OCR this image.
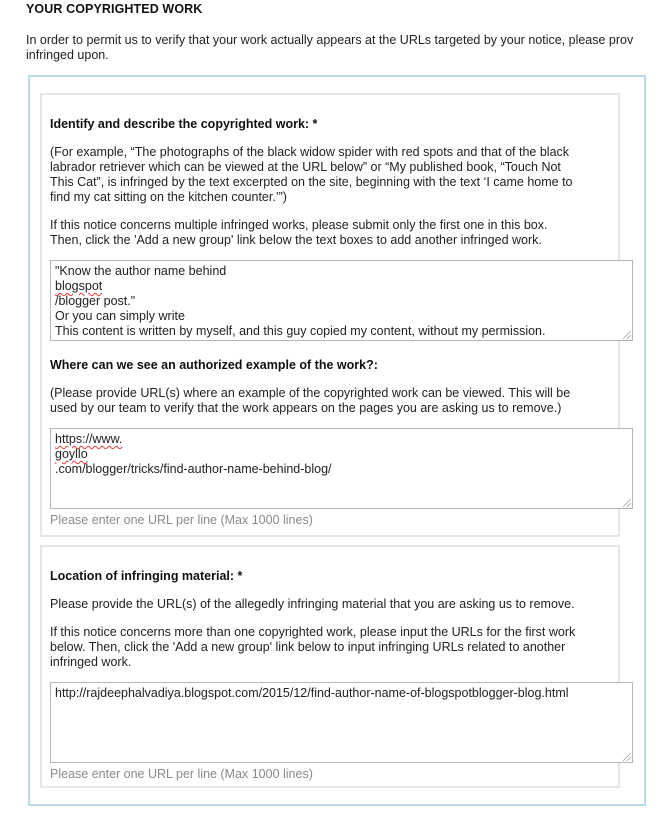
YOUR COPYRIGHTED WORK
In order to permit us to verify that your work actually appears at the URLs targeted by your notice, please prov
infringed upon.
Identify and describe the copyrighted work: *
(For example, “The photographs of the black widow spider with red spots and that of the black
labrador retriever which can be viewed at the URL below” or “My published book, “Touch Not
This Cat”, is infringed by the text excerpted on the site, beginning with the text ‘I came home to
find my cat sitting on the kitchen counter.’”)
If this notice concerns multiple infringed works, please submit only the first one in this box.
Then, click the 'Add a new group' link below the text boxes to add another infringed work.
"Know the author name behind
blogspot
/blogger post."
Or you can simply write
This content is written by myself, and this guy copied my content, without my permission.
Where can we see an authorized example of the work?:
(Please provide URL(s) where an example of the copyrighted work can be viewed. This will be
used by our team to verify that the work appears on the pages you are asking us to remove.)
https://www.
goyllo
.com/blogger/tricks/find-author-name-behind-blog/
Please enter one URL per line (Max 1000 lines)
Location of infringing material: *
Please provide the URL(s) of the allegedly infringing material that you are asking us to remove.
If this notice concerns more than one copyrighted work, please input the URLs for the first work
below. Then, click the 'Add a new group' link below to input infringing URLs related to another
infringed work.
http://rajdeephalvadiya.blogspot.com/2015/12/find-author-name-of-blogspotblogger-blog.html
Please enter one URL per line (Max 1000 lines)
